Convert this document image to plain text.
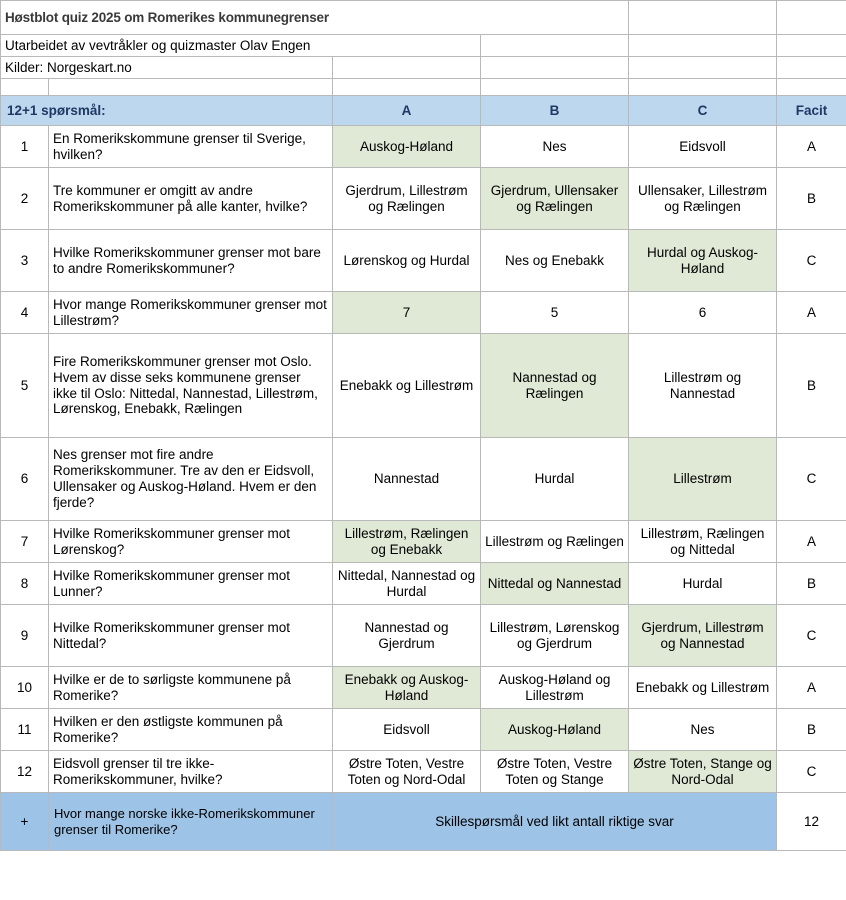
Høstblot quiz 2025 om Romerikes kommunegrenser					
Utarbeidet av vevtråkler og quizmaster Olav Engen					
Kilder: Norgeskart.no					

12+1 spørsmål:		A	B	C	Facit
1	En Romerikskommune grenser til Sverige, hvilken?	Auskog-Høland	Nes	Eidsvoll	A
2	Tre kommuner er omgitt av andre Romerikskommuner på alle kanter, hvilke?	Gjerdrum, Lillestrøm og Rælingen	Gjerdrum, Ullensaker og Rælingen	Ullensaker, Lillestrøm og Rælingen	B
3	Hvilke Romerikskommuner grenser mot bare to andre Romerikskommuner?	Lørenskog og Hurdal	Nes og Enebakk	Hurdal og Auskog-Høland	C
4	Hvor mange Romerikskommuner grenser mot Lillestrøm?	7	5	6	A
5	Fire Romerikskommuner grenser mot Oslo. Hvem av disse seks kommunene grenser ikke til Oslo: Nittedal, Nannestad, Lillestrøm, Lørenskog, Enebakk, Rælingen	Enebakk og Lillestrøm	Nannestad og Rælingen	Lillestrøm og Nannestad	B
6	Nes grenser mot fire andre Romerikskommuner. Tre av den er Eidsvoll, Ullensaker og Auskog-Høland. Hvem er den fjerde?	Nannestad	Hurdal	Lillestrøm	C
7	Hvilke Romerikskommuner grenser mot Lørenskog?	Lillestrøm, Rælingen og Enebakk	Lillestrøm og Rælingen	Lillestrøm, Rælingen og Nittedal	A
8	Hvilke Romerikskommuner grenser mot Lunner?	Nittedal, Nannestad og Hurdal	Nittedal og Nannestad	Hurdal	B
9	Hvilke Romerikskommuner grenser mot Nittedal?	Nannestad og Gjerdrum	Lillestrøm, Lørenskog og Gjerdrum	Gjerdrum, Lillestrøm og Nannestad	C
10	Hvilke er de to sørligste kommunene på Romerike?	Enebakk og Auskog-Høland	Auskog-Høland og Lillestrøm	Enebakk og Lillestrøm	A
11	Hvilken er den østligste kommunen på Romerike?	Eidsvoll	Auskog-Høland	Nes	B
12	Eidsvoll grenser til tre ikke-Romerikskommuner, hvilke?	Østre Toten, Vestre Toten og Nord-Odal	Østre Toten, Vestre Toten og Stange	Østre Toten, Stange og Nord-Odal	C
+	Hvor mange norske ikke-Romerikskommuner grenser til Romerike?	Skillespørsmål ved likt antall riktige svar			12
